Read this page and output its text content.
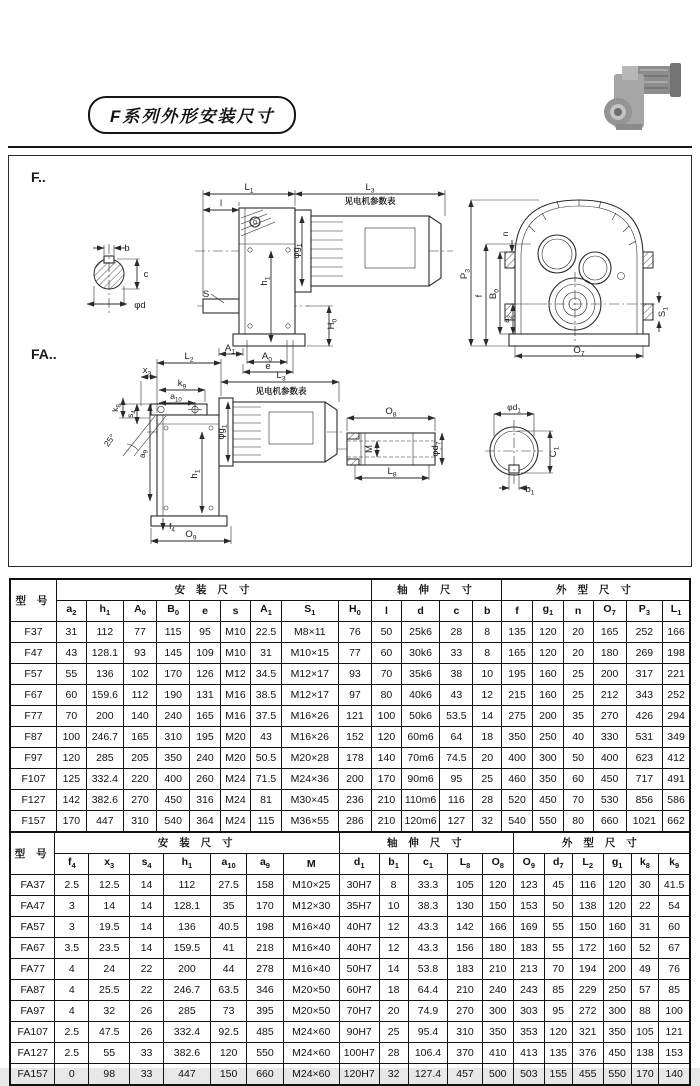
F系列外形安装尺寸
F..
b
c
φd
$L_1$	$L_3$
见电机参数表
l
$\varphi g_1$
$h_1$
S
$H_0$
$A_1$	$A_0$
e
$P_3$
f $B_0$
$a_2$
n
$S_1$
$O_7$
FA..	$L_2$
$x_3$
$k_9$
$a_{10}$
$k_8$
$s_4$
25°
$a_9$
$h_1$
$L_3$
见电机参数表
$\varphi g_1$
$f_4$ $O_9$
$O_8$
M	$\varphi d_7$
$L_8$
$\varphi d_1$
$C_1$
$b_1$
型 号	安 装 尺 寸									轴 伸 尺 寸				外 型 尺 寸					
	$a_2$	$h_1$	$A_0$	$B_0$	e	s	$A_1$	$S_1$	$H_0$	l	d	c	b	f	$g_1$	n	$O_7$	$P_3$	$L_1$
F37	31	112	77	115	95	M10	22.5	M8×11	76	50	25k6	28	8	135	120	20	165	252	166
F47	43	128.1	93	145	109	M10	31	M10×15	77	60	30k6	33	8	165	120	20	180	269	198
F57	55	136	102	170	126	M12	34.5	M12×17	93	70	35k6	38	10	195	160	25	200	317	221
F67	60	159.6	112	190	131	M16	38.5	M12×17	97	80	40k6	43	12	215	160	25	212	343	252
F77	70	200	140	240	165	M16	37.5	M16×26	121	100	50k6	53.5	14	275	200	35	270	426	294
F87	100	246.7	165	310	195	M20	43	M16×26	152	120	60m6	64	18	350	250	40	330	531	349
F97	120	285	205	350	240	M20	50.5	M20×28	178	140	70m6	74.5	20	400	300	50	400	623	412
F107	125	332.4	220	400	260	M24	71.5	M24×36	200	170	90m6	95	25	460	350	60	450	717	491
F127	142	382.6	270	450	316	M24	81	M30×45	236	210	110m6	116	28	520	450	70	530	856	586
F157	170	447	310	540	364	M24	115	M36×55	286	210	120m6	127	32	540	550	80	660	1021	662
型 号	安 装 尺 寸							轴 伸 尺 寸					外 型 尺 寸					
	$f_4$	$x_3$	$s_4$	$h_1$	$a_{10}$	$a_9$	M	$d_1$	$b_1$	$c_1$	$L_8$	$O_8$	$O_9$	$d_7$	$L_2$	$g_1$	$k_8$	$k_9$
FA37	2.5	12.5	14	112	27.5	158	M10×25	30H7	8	33.3	105	120	123	45	116	120	30	41.5
FA47	3	14	14	128.1	35	170	M12×30	35H7	10	38.3	130	150	153	50	138	120	22	54
FA57	3	19.5	14	136	40.5	198	M16×40	40H7	12	43.3	142	166	169	55	150	160	31	60
FA67	3.5	23.5	14	159.5	41	218	M16×40	40H7	12	43.3	156	180	183	55	172	160	52	67
FA77	4	24	22	200	44	278	M16×40	50H7	14	53.8	183	210	213	70	194	200	49	76
FA87	4	25.5	22	246.7	63.5	346	M20×50	60H7	18	64.4	210	240	243	85	229	250	57	85
FA97	4	32	26	285	73	395	M20×50	70H7	20	74.9	270	300	303	95	272	300	88	100
FA107	2.5	47.5	26	332.4	92.5	485	M24×60	90H7	25	95.4	310	350	353	120	321	350	105	121
FA127	2.5	55	33	382.6	120	550	M24×60	100H7	28	106.4	370	410	413	135	376	450	138	153
FA157	0	98	33	447	150	660	M24×60	120H7	32	127.4	457	500	503	155	455	550	170	140
